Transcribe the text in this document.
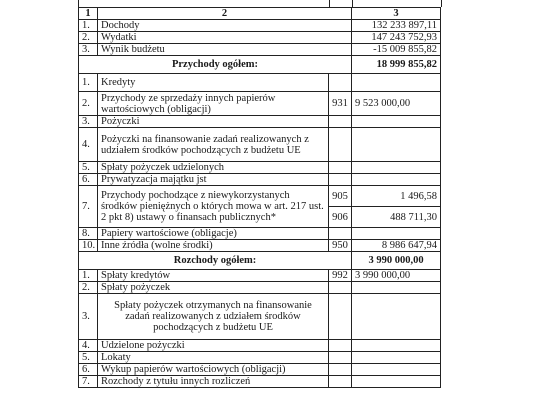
1	2		3
1.	Dochody		132 233 897,11
2.	Wydatki		147 243 752,93
3.	Wynik budżetu		-15 009 855,82
Przychody ogółem:			18 999 855,82
1.	Kredyty		
2.	Przychody ze sprzedaży innych papierów wartościowych (obligacji)	931	9 523 000,00
3.	Pożyczki		
4.	Pożyczki na finansowanie zadań realizowanych z udziałem środków pochodzących z budżetu UE		
5.	Spłaty pożyczek udzielonych		
6.	Prywatyzacja majątku jst		
7.	Przychody pochodzące z niewykorzystanych środków pieniężnych o których mowa w art. 217 ust. 2 pkt 8) ustawy o finansach publicznych*	905	1 496,58
		906	488 711,30
8.	Papiery wartościowe (obligacje)		
10.	Inne źródła (wolne środki)	950	8 986 647,94
Rozchody ogółem:			3 990 000,00
1.	Spłaty kredytów	992	3 990 000,00
2.	Spłaty pożyczek		
3.	Spłaty pożyczek otrzymanych na finansowanie zadań realizowanych z udziałem środków pochodzących z budżetu UE		
4.	Udzielone pożyczki		
5.	Lokaty		
6.	Wykup papierów wartościowych (obligacji)		
7.	Rozchody z tytułu innych rozliczeń		
